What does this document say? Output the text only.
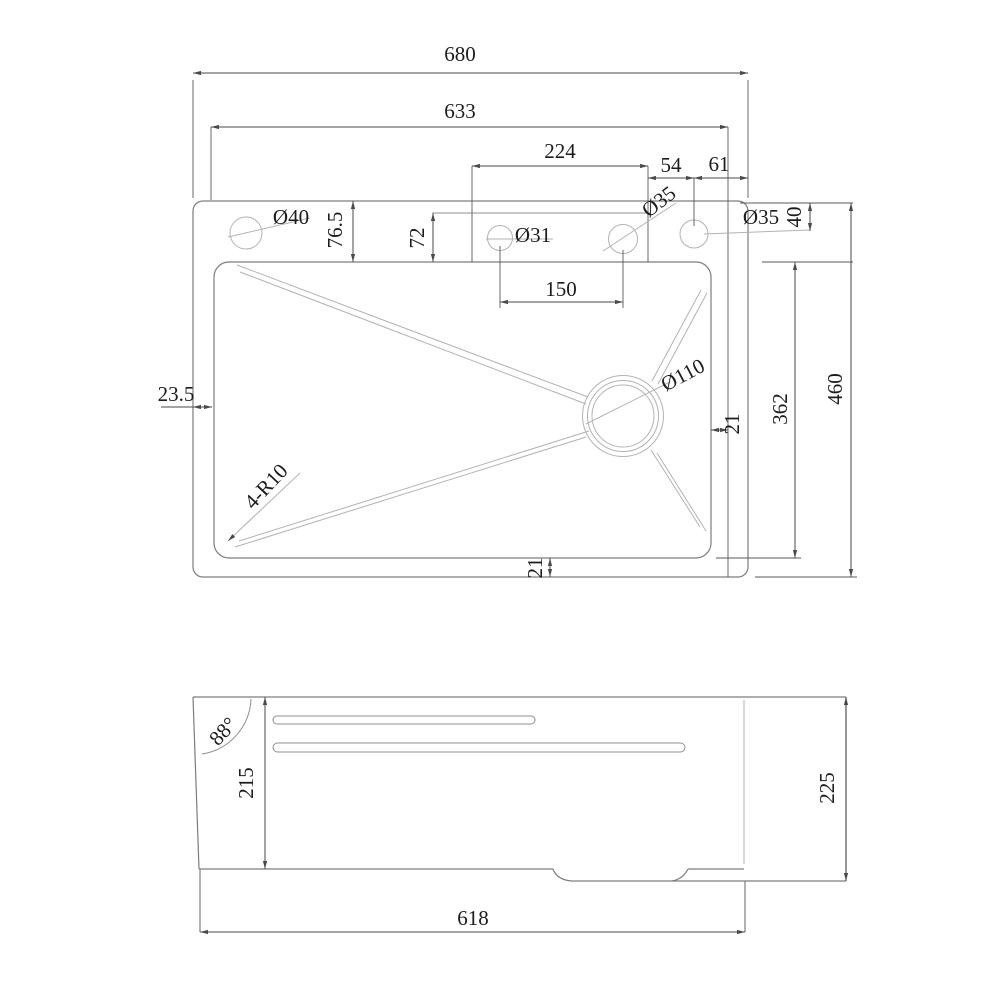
680
633
224
54 61
76.5	72
Ø40
Ø31
Ø35	Ø35 40
150
23.5	Ø110
4-R10
21 362
460
21
88°
618
215	225
